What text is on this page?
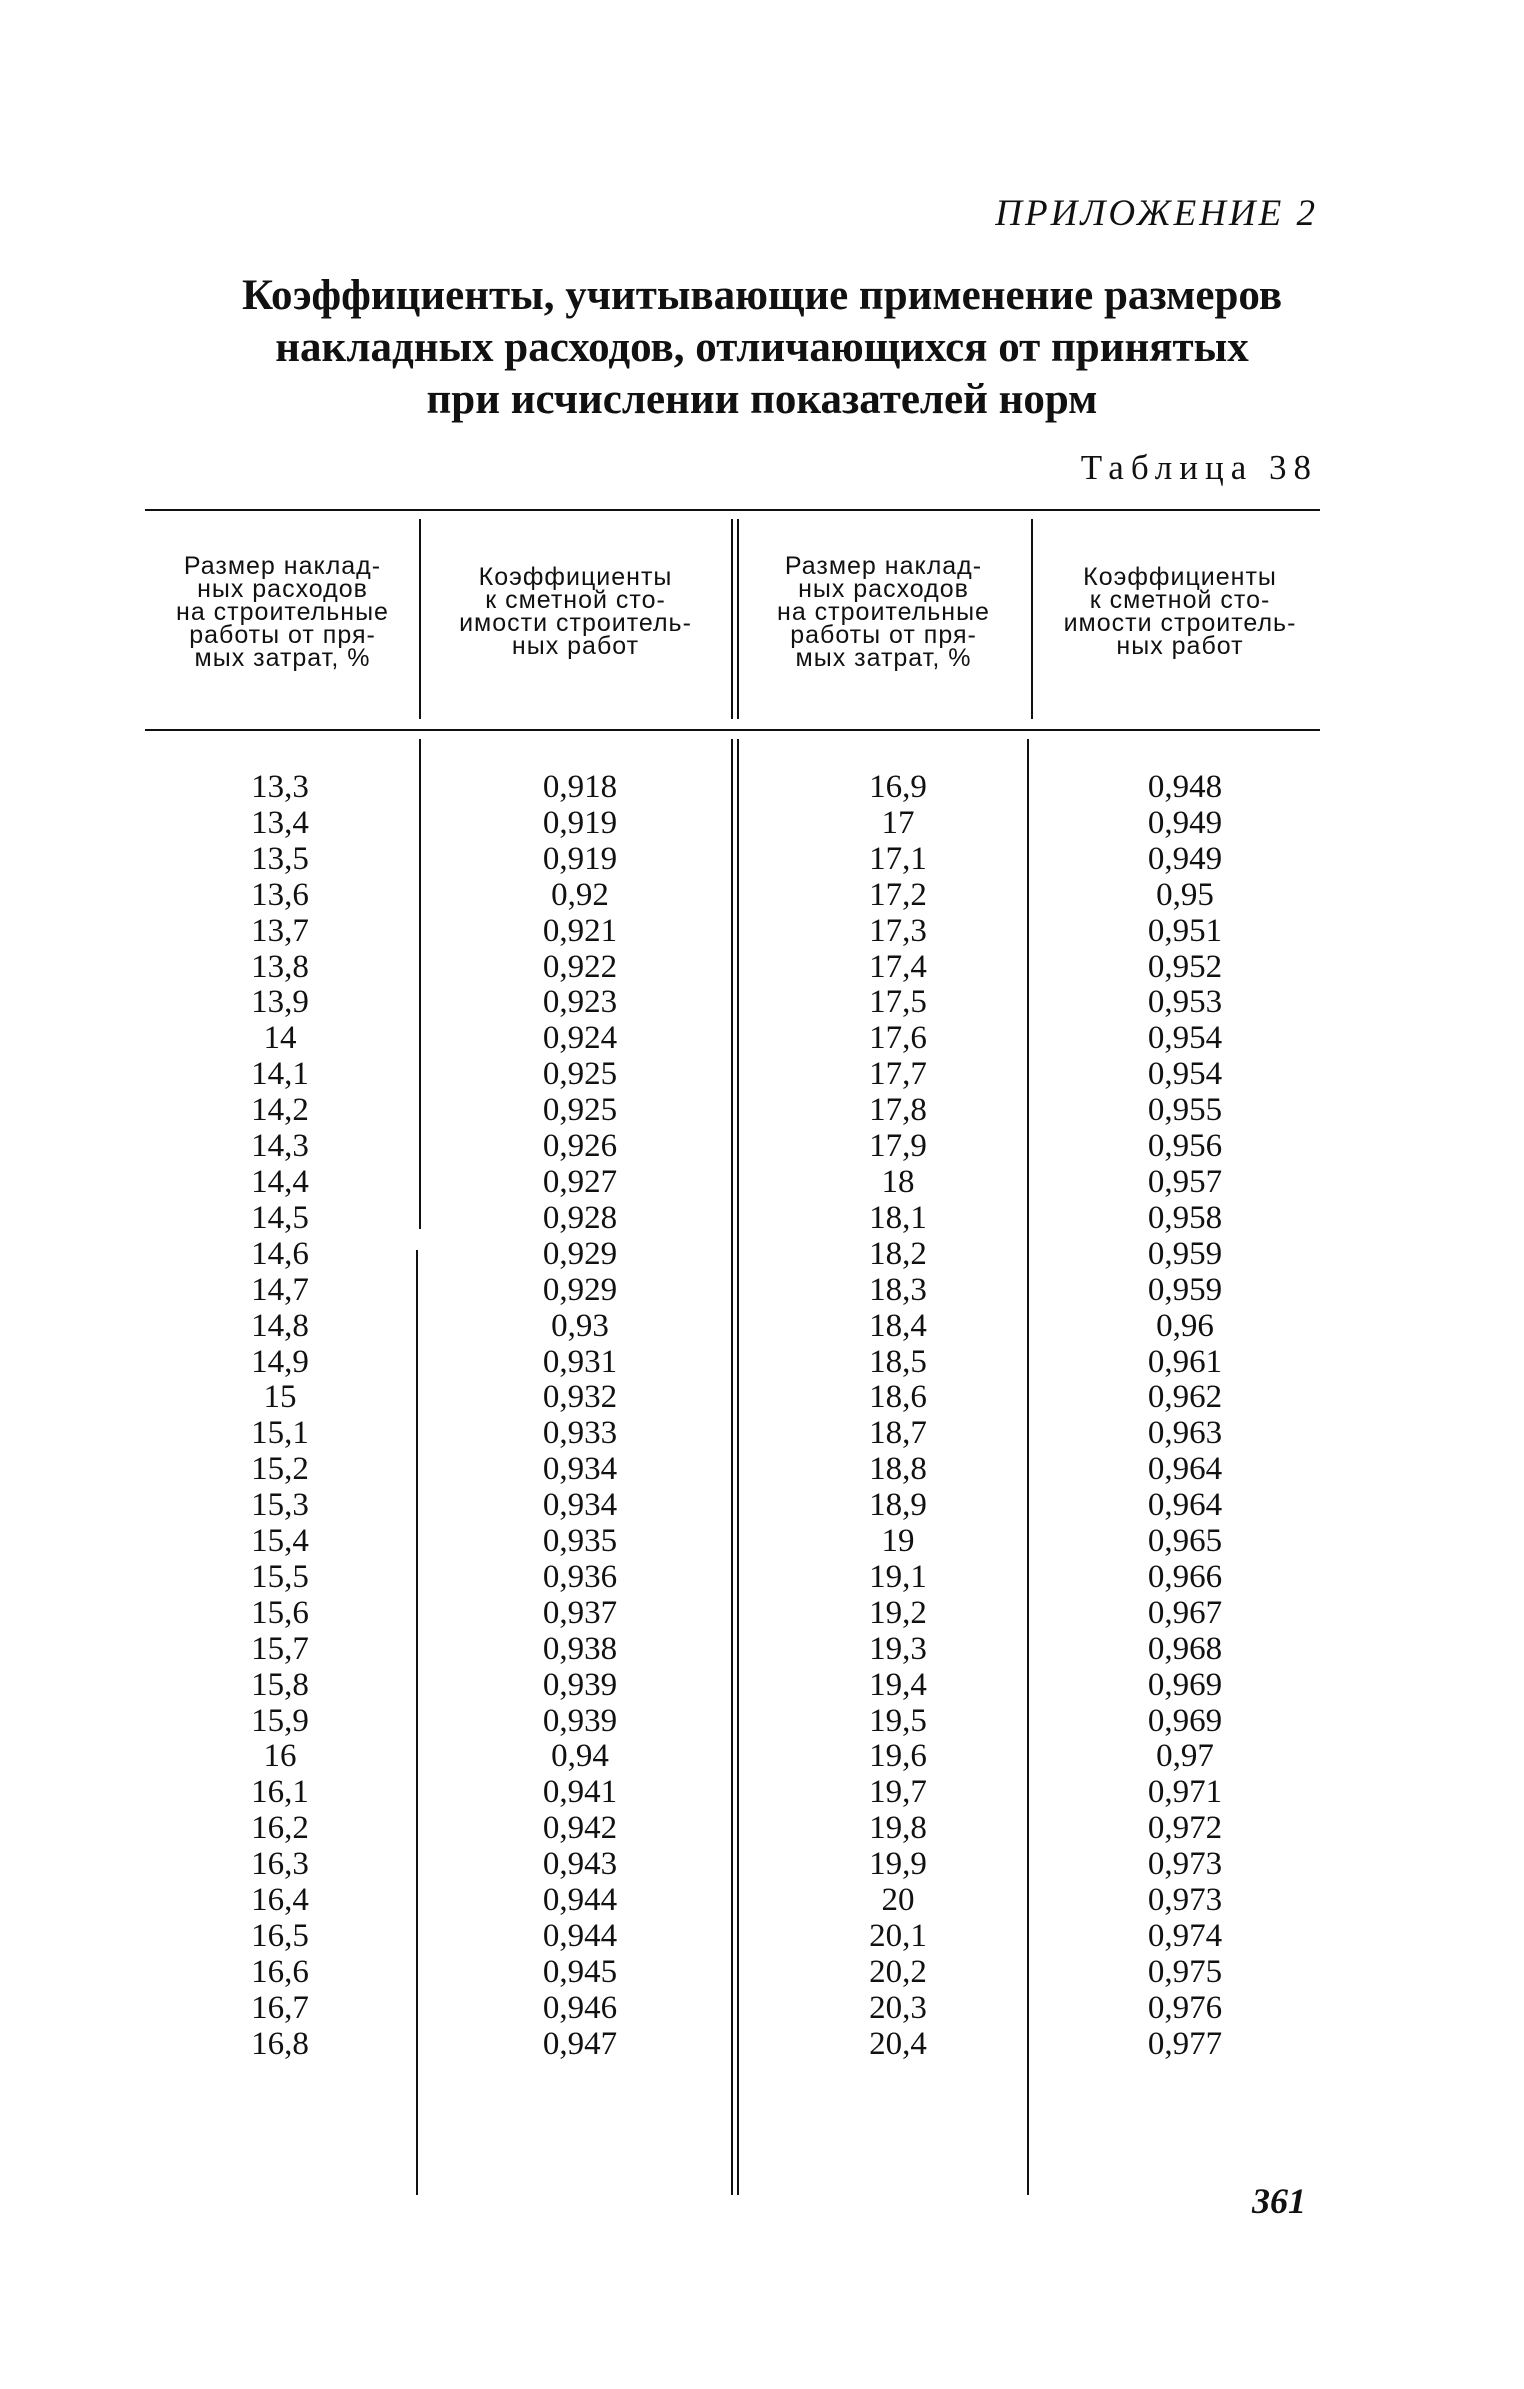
ПРИЛОЖЕНИЕ 2
Коэффициенты, учитывающие применение размеров
накладных расходов, отличающихся от принятых
при исчислении показателей норм
Таблица 38
Размер наклад-
ных расходов
на строительные
работы от пря-
мых затрат, %
Коэффициенты
к сметной сто-
имости строитель-
ных работ
Размер наклад-
ных расходов
на строительные
работы от пря-
мых затрат, %
Коэффициенты
к сметной сто-
имости строитель-
ных работ
13,3
13,4
13,5
13,6
13,7
13,8
13,9
14
14,1
14,2
14,3
14,4
14,5
14,6
14,7
14,8
14,9
15
15,1
15,2
15,3
15,4
15,5
15,6
15,7
15,8
15,9
16
16,1
16,2
16,3
16,4
16,5
16,6
16,7
16,8
0,918
0,919
0,919
0,92
0,921
0,922
0,923
0,924
0,925
0,925
0,926
0,927
0,928
0,929
0,929
0,93
0,931
0,932
0,933
0,934
0,934
0,935
0,936
0,937
0,938
0,939
0,939
0,94
0,941
0,942
0,943
0,944
0,944
0,945
0,946
0,947
16,9
17
17,1
17,2
17,3
17,4
17,5
17,6
17,7
17,8
17,9
18
18,1
18,2
18,3
18,4
18,5
18,6
18,7
18,8
18,9
19
19,1
19,2
19,3
19,4
19,5
19,6
19,7
19,8
19,9
20
20,1
20,2
20,3
20,4
0,948
0,949
0,949
0,95
0,951
0,952
0,953
0,954
0,954
0,955
0,956
0,957
0,958
0,959
0,959
0,96
0,961
0,962
0,963
0,964
0,964
0,965
0,966
0,967
0,968
0,969
0,969
0,97
0,971
0,972
0,973
0,973
0,974
0,975
0,976
0,977
361
